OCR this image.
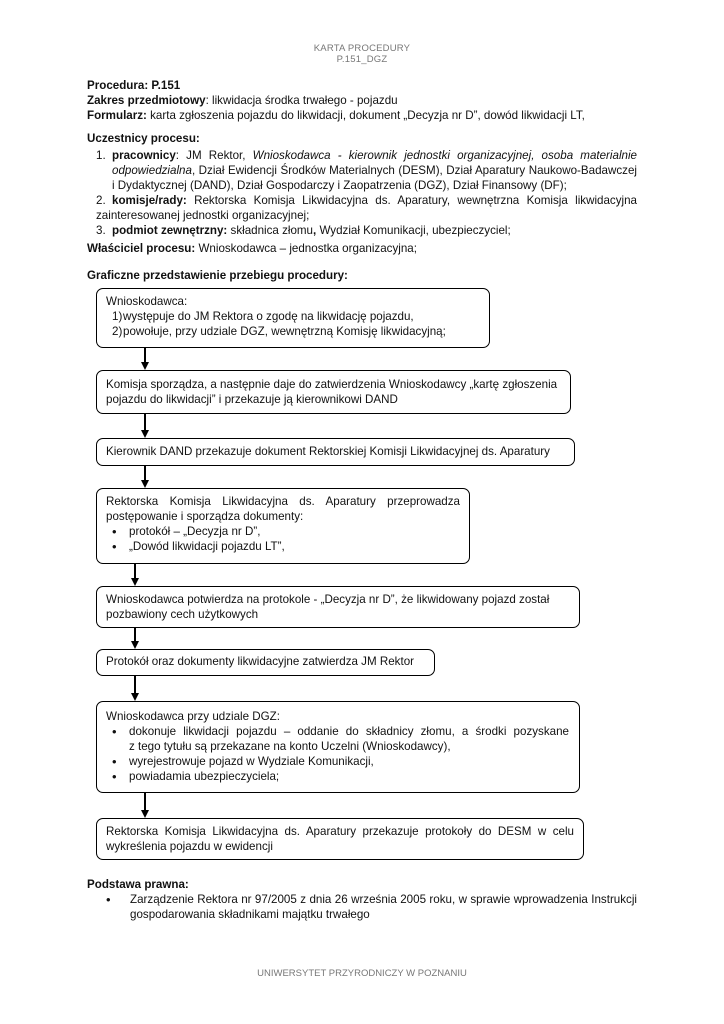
KARTA PROCEDURY
P.151_DGZ
Procedura: P.151
Zakres przedmiotowy: likwidacja środka trwałego - pojazdu
Formularz: karta zgłoszenia pojazdu do likwidacji, dokument „Decyzja nr D”, dowód likwidacji LT,
Uczestnicy procesu:
1. pracownicy: JM Rektor, Wnioskodawca - kierownik jednostki organizacyjnej, osoba materialnie
odpowiedzialna, Dział Ewidencji Środków Materialnych (DESM), Dział Aparatury Naukowo-Badawczej
i Dydaktycznej (DAND), Dział Gospodarczy i Zaopatrzenia (DGZ), Dział Finansowy (DF);
2. komisje/rady: Rektorska Komisja Likwidacyjna ds. Aparatury, wewnętrzna Komisja likwidacyjna
zainteresowanej jednostki organizacyjnej;
3. podmiot zewnętrzny: składnica złomu, Wydział Komunikacji, ubezpieczyciel;
Właściciel procesu: Wnioskodawca – jednostka organizacyjna;
Graficzne przedstawienie przebiegu procedury:
Wnioskodawca:
1) występuje do JM Rektora o zgodę na likwidację pojazdu,
2) powołuje, przy udziale DGZ, wewnętrzną Komisję likwidacyjną;
Komisja sporządza, a następnie daje do zatwierdzenia Wnioskodawcy „kartę zgłoszenia
pojazdu do likwidacji” i przekazuje ją kierownikowi DAND
Kierownik DAND przekazuje dokument Rektorskiej Komisji Likwidacyjnej ds. Aparatury
Rektorska Komisja Likwidacyjna ds. Aparatury przeprowadza
postępowanie i sporządza dokumenty:
• protokół – „Decyzja nr D”,
• „Dowód likwidacji pojazdu LT”,
Wnioskodawca potwierdza na protokole - „Decyzja nr D”, że likwidowany pojazd został
pozbawiony cech użytkowych
Protokół oraz dokumenty likwidacyjne zatwierdza JM Rektor
Wnioskodawca przy udziale DGZ:
• dokonuje likwidacji pojazdu – oddanie do składnicy złomu, a środki pozyskane
z tego tytułu są przekazane na konto Uczelni (Wnioskodawcy),
• wyrejestrowuje pojazd w Wydziale Komunikacji,
• powiadamia ubezpieczyciela;
Rektorska Komisja Likwidacyjna ds. Aparatury przekazuje protokoły do DESM w celu
wykreślenia pojazdu w ewidencji
Podstawa prawna:
• Zarządzenie Rektora nr 97/2005 z dnia 26 września 2005 roku, w sprawie wprowadzenia Instrukcji
gospodarowania składnikami majątku trwałego
UNIWERSYTET PRZYRODNICZY W POZNANIU
